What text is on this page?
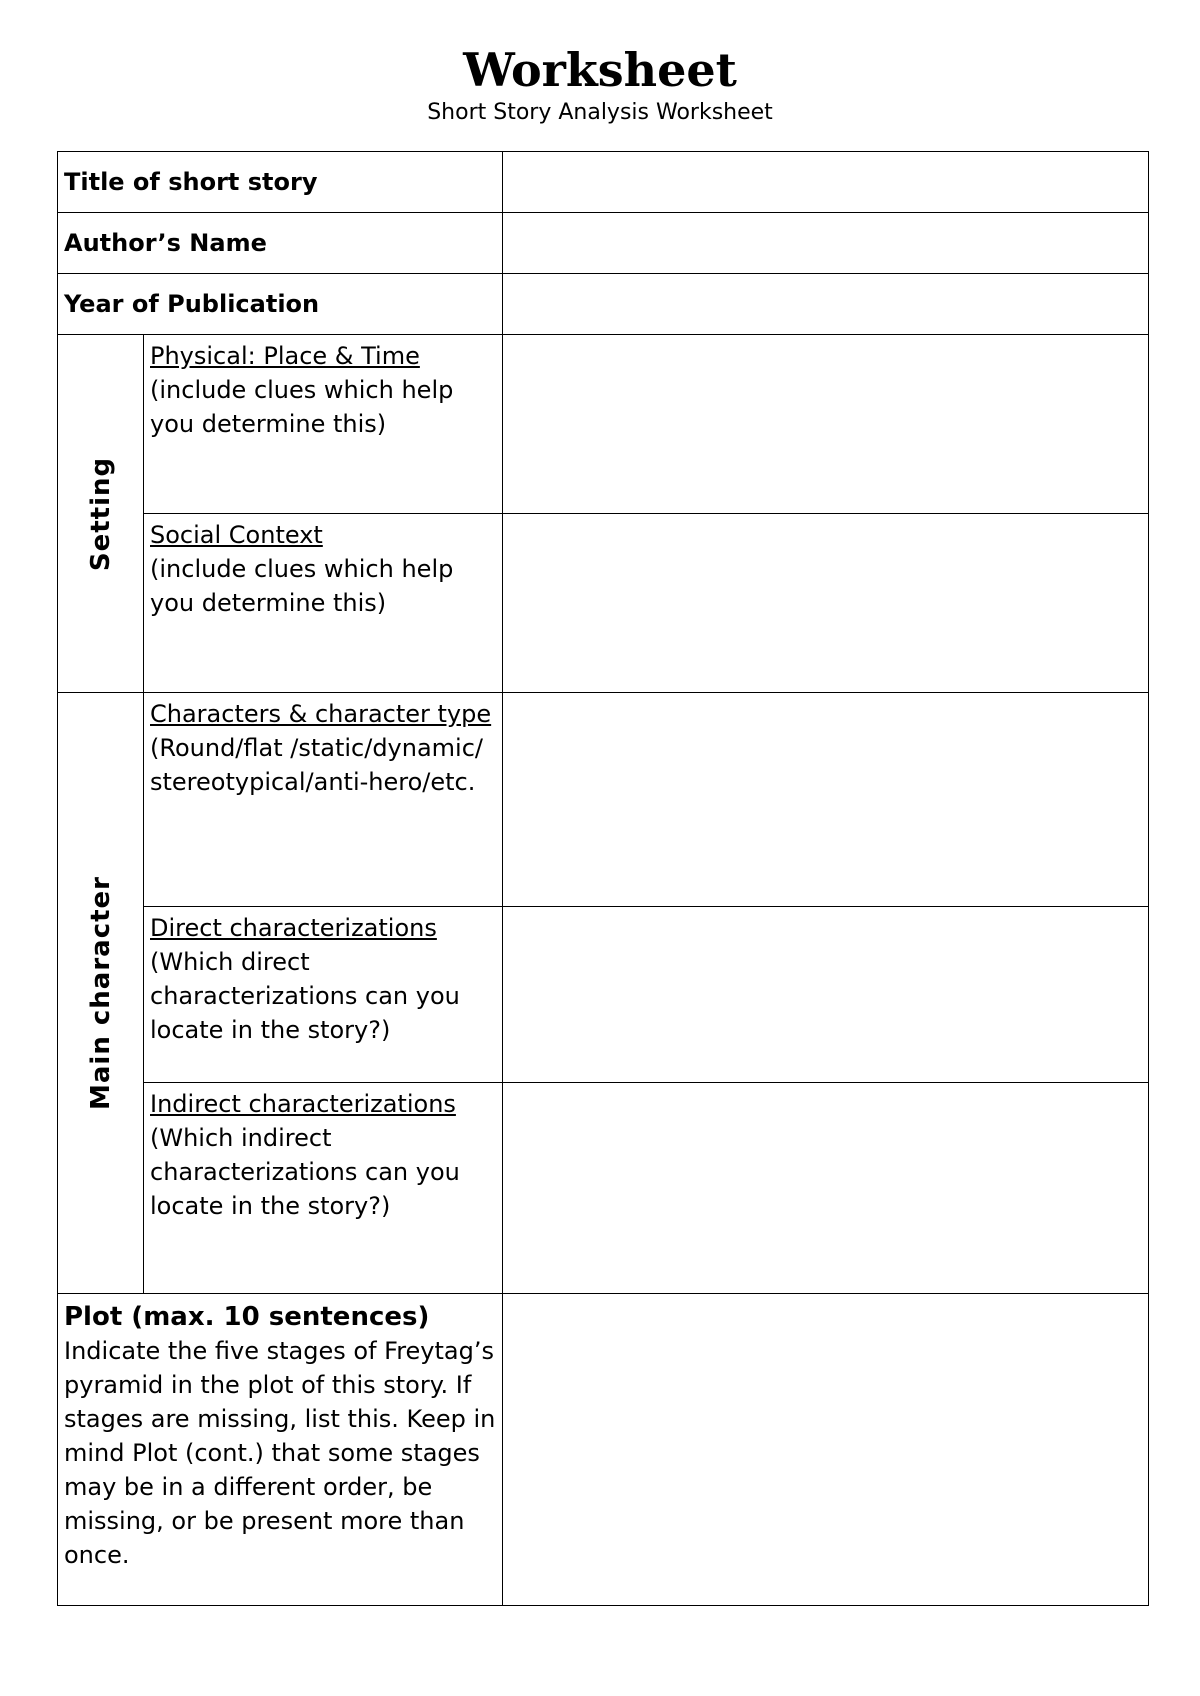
Worksheet
Short Story Analysis Worksheet
Title of short story		
Author’s Name		
Year of Publication		

Setting	Physical: Place & Time
(include clues which help you determine this)	

	Social Context
(include clues which help you determine this)	

Main character	Characters & character type
(Round/flat /static/dynamic/ stereotypical/anti-hero/etc.	

	Direct characterizations
(Which direct characterizations can you locate in the story?)	

	Indirect characterizations
(Which indirect characterizations can you locate in the story?)	

Plot (max. 10 sentences)
Indicate the five stages of Freytag’s pyramid in the plot of this story. If stages are missing, list this. Keep in mind Plot (cont.) that some stages may be in a different order, be missing, or be present more than once.		
